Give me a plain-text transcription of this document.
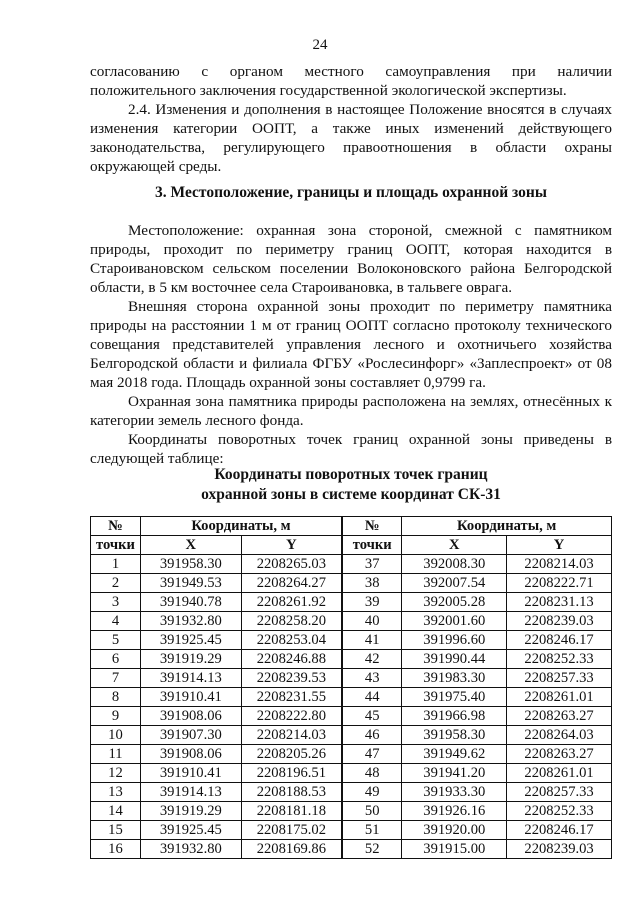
24

согласованию с органом местного самоуправления при наличии положительного заключения государственной экологической экспертизы.

2.4. Изменения и дополнения в настоящее Положение вносятся в случаях изменения категории ООПТ, а также иных изменений действующего законодательства, регулирующего правоотношения в области охраны окружающей среды.

3. Местоположение, границы и площадь охранной зоны

Местоположение: охранная зона стороной, смежной с памятником природы, проходит по периметру границ ООПТ, которая находится в Староивановском сельском поселении Волоконовского района Белгородской области, в 5 км восточнее села Староивановка, в тальвеге оврага.

Внешняя сторона охранной зоны проходит по периметру памятника природы на расстоянии 1 м от границ ООПТ согласно протоколу технического совещания представителей управления лесного и охотничьего хозяйства Белгородской области и филиала ФГБУ «Рослесинфорг» «Заплеспроект» от 08 мая 2018 года. Площадь охранной зоны составляет 0,9799 га.

Охранная зона памятника природы расположена на землях, отнесённых к категории земель лесного фонда.

Координаты поворотных точек границ охранной зоны приведены в следующей таблице:

Координаты поворотных точек границ
охранной зоны в системе координат СК-31
№	Координаты, м		№	Координаты, м	
точки	X	Y	точки	X	Y
1	391958.30	2208265.03	37	392008.30	2208214.03
2	391949.53	2208264.27	38	392007.54	2208222.71
3	391940.78	2208261.92	39	392005.28	2208231.13
4	391932.80	2208258.20	40	392001.60	2208239.03
5	391925.45	2208253.04	41	391996.60	2208246.17
6	391919.29	2208246.88	42	391990.44	2208252.33
7	391914.13	2208239.53	43	391983.30	2208257.33
8	391910.41	2208231.55	44	391975.40	2208261.01
9	391908.06	2208222.80	45	391966.98	2208263.27
10	391907.30	2208214.03	46	391958.30	2208264.03
11	391908.06	2208205.26	47	391949.62	2208263.27
12	391910.41	2208196.51	48	391941.20	2208261.01
13	391914.13	2208188.53	49	391933.30	2208257.33
14	391919.29	2208181.18	50	391926.16	2208252.33
15	391925.45	2208175.02	51	391920.00	2208246.17
16	391932.80	2208169.86	52	391915.00	2208239.03
